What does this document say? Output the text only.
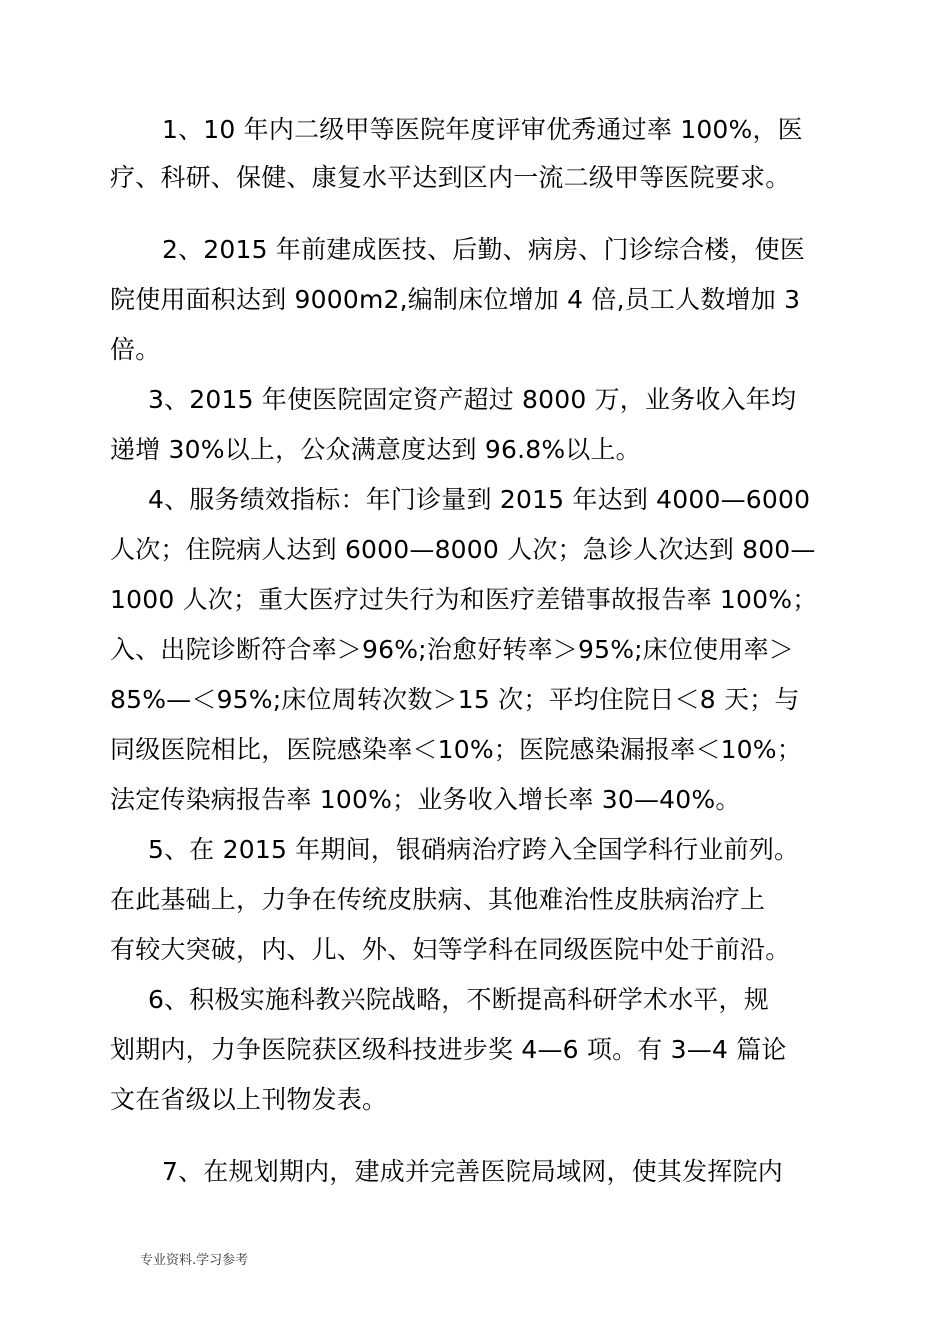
1、10 年内二级甲等医院年度评审优秀通过率 100%，医
疗、科研、保健、康复水平达到区内一流二级甲等医院要求。
2、2015 年前建成医技、后勤、病房、门诊综合楼，使医
院使用面积达到 9000m2,编制床位增加 4 倍,员工人数增加 3
倍。
3、2015 年使医院固定资产超过 8000 万，业务收入年均
递增 30%以上，公众满意度达到 96.8%以上。
4、服务绩效指标：年门诊量到 2015 年达到 4000—6000
人次；住院病人达到 6000—8000 人次；急诊人次达到 800—
1000 人次；重大医疗过失行为和医疗差错事故报告率 100%；
入、出院诊断符合率＞96%;治愈好转率＞95%;床位使用率＞
85%—＜95%;床位周转次数＞15 次；平均住院日＜8 天；与
同级医院相比，医院感染率＜10%；医院感染漏报率＜10%；
法定传染病报告率 100%；业务收入增长率 30—40%。
5、在 2015 年期间，银硝病治疗跨入全国学科行业前列。
在此基础上，力争在传统皮肤病、其他难治性皮肤病治疗上
有较大突破，内、儿、外、妇等学科在同级医院中处于前沿。
6、积极实施科教兴院战略，不断提高科研学术水平，规
划期内，力争医院获区级科技进步奖 4—6 项。有 3—4 篇论
文在省级以上刊物发表。
7、在规划期内，建成并完善医院局域网，使其发挥院内
专业资料.学习参考
